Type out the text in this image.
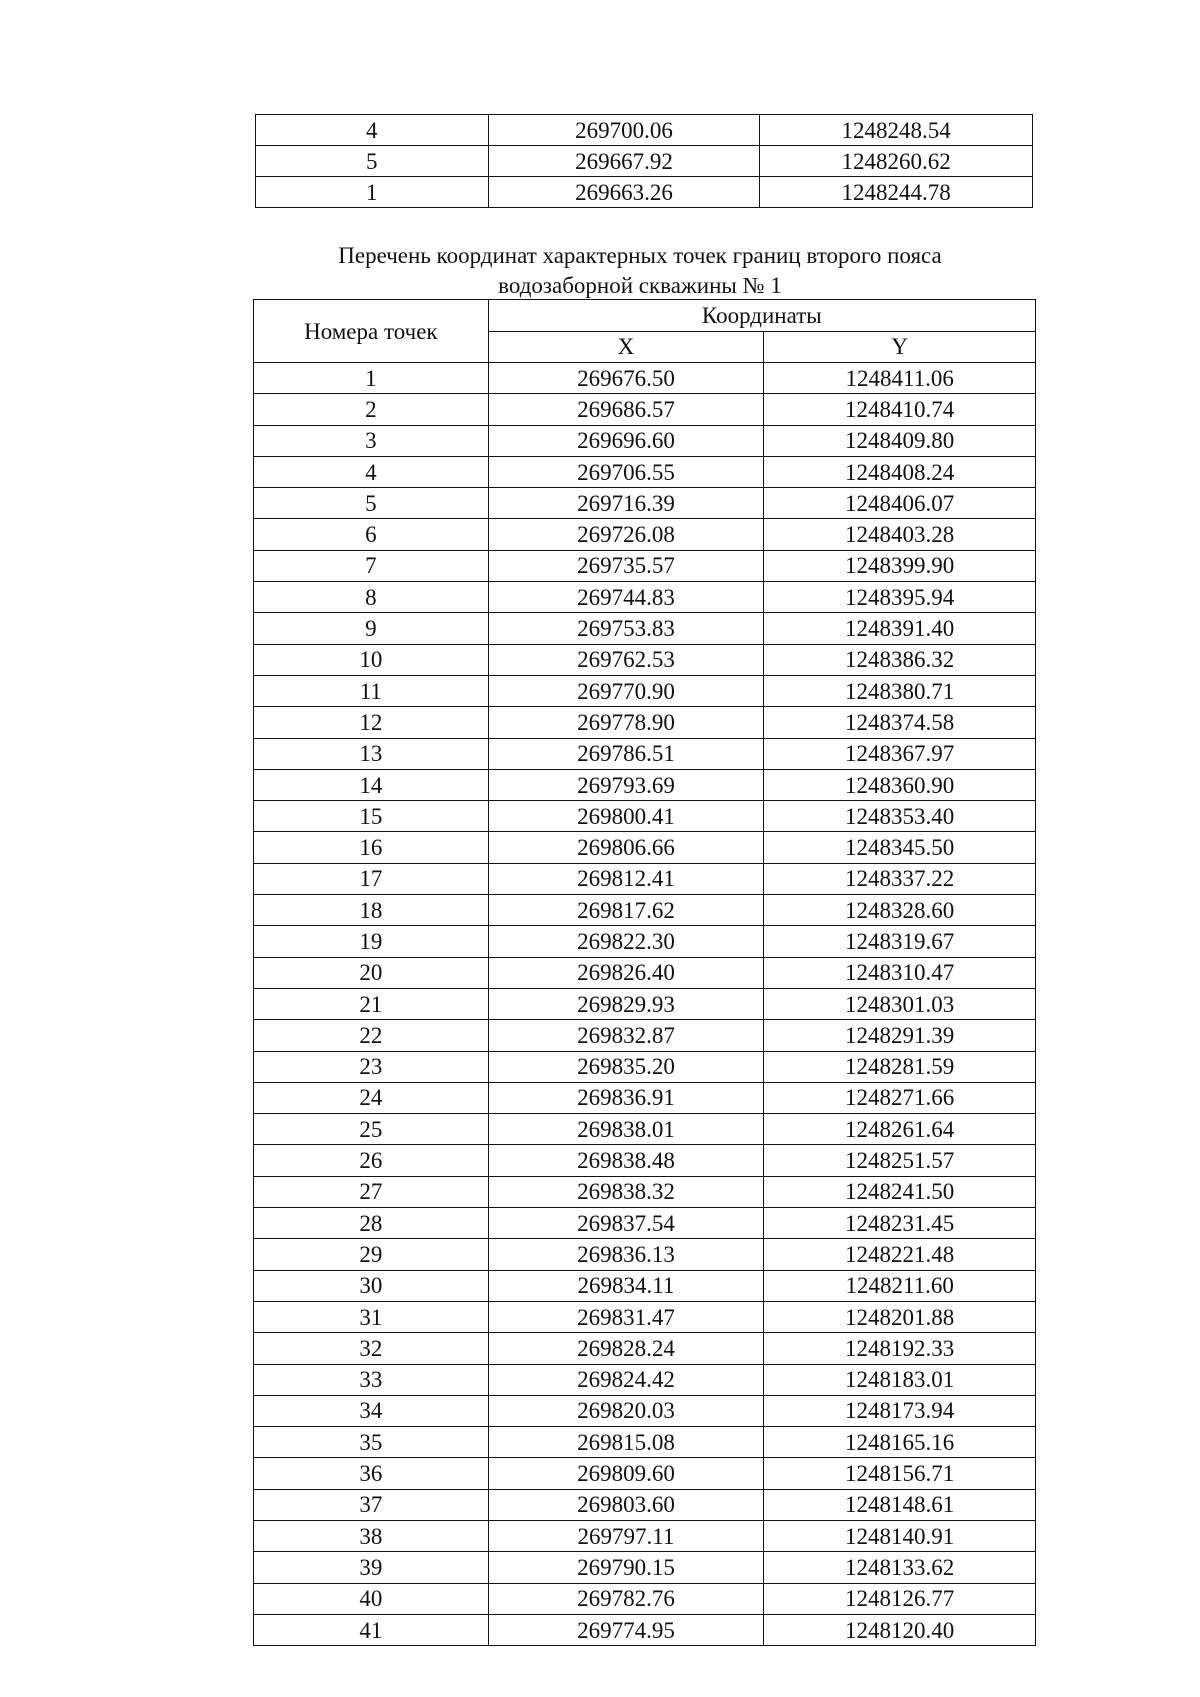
4	269700.06	1248248.54
5	269667.92	1248260.62
1	269663.26	1248244.78
Перечень координат характерных точек границ второго пояса
водозаборной скважины № 1
Номера точек	Координаты	
	X	Y
1	269676.50	1248411.06
2	269686.57	1248410.74
3	269696.60	1248409.80
4	269706.55	1248408.24
5	269716.39	1248406.07
6	269726.08	1248403.28
7	269735.57	1248399.90
8	269744.83	1248395.94
9	269753.83	1248391.40
10	269762.53	1248386.32
11	269770.90	1248380.71
12	269778.90	1248374.58
13	269786.51	1248367.97
14	269793.69	1248360.90
15	269800.41	1248353.40
16	269806.66	1248345.50
17	269812.41	1248337.22
18	269817.62	1248328.60
19	269822.30	1248319.67
20	269826.40	1248310.47
21	269829.93	1248301.03
22	269832.87	1248291.39
23	269835.20	1248281.59
24	269836.91	1248271.66
25	269838.01	1248261.64
26	269838.48	1248251.57
27	269838.32	1248241.50
28	269837.54	1248231.45
29	269836.13	1248221.48
30	269834.11	1248211.60
31	269831.47	1248201.88
32	269828.24	1248192.33
33	269824.42	1248183.01
34	269820.03	1248173.94
35	269815.08	1248165.16
36	269809.60	1248156.71
37	269803.60	1248148.61
38	269797.11	1248140.91
39	269790.15	1248133.62
40	269782.76	1248126.77
41	269774.95	1248120.40
